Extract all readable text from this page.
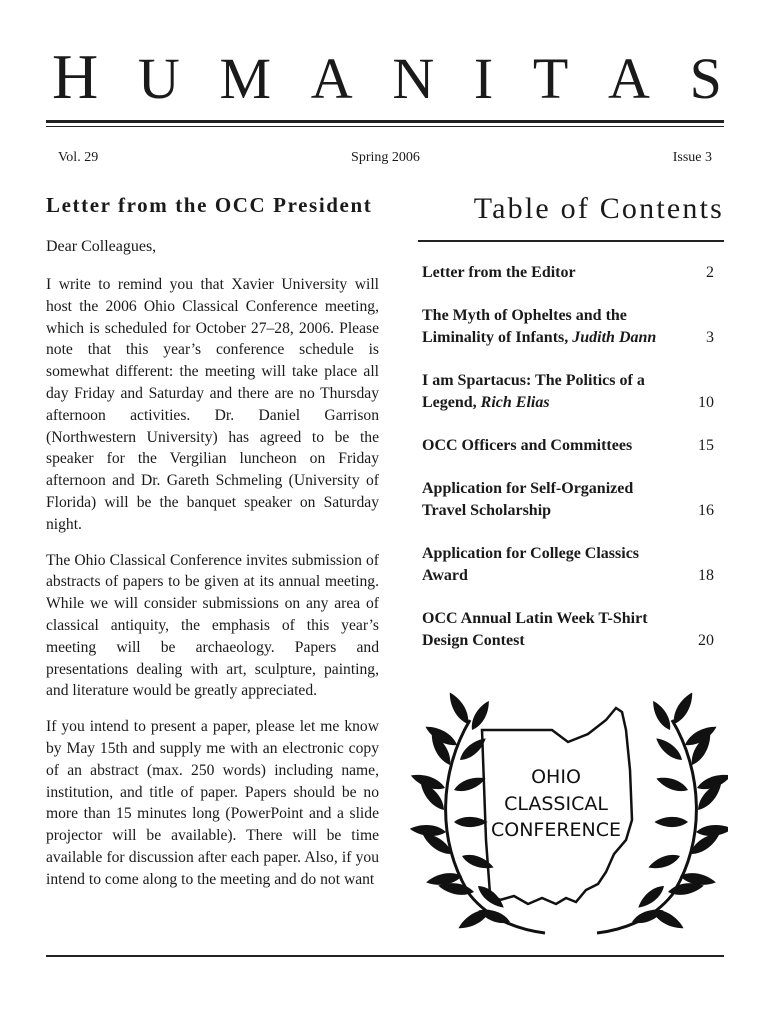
H U M A N I T A S
Vol. 29	Spring 2006	Issue 3
Letter from the OCC President
Dear Colleagues,

I write to remind you that Xavier University will host the 2006 Ohio Classical Conference meeting, which is scheduled for October 27–28, 2006. Please note that this year’s conference schedule is somewhat different: the meeting will take place all day Friday and Saturday and there are no Thursday afternoon activities. Dr. Daniel Garrison (Northwestern University) has agreed to be the speaker for the Vergilian luncheon on Friday afternoon and Dr. Gareth Schmeling (University of Florida) will be the banquet speaker on Saturday night.

The Ohio Classical Conference invites submission of abstracts of papers to be given at its annual meeting. While we will consider submissions on any area of classical antiquity, the emphasis of this year’s meeting will be archaeology. Papers and presentations dealing with art, sculpture, painting, and literature would be greatly appreciated.

If you intend to present a paper, please let me know by May 15th and supply me with an electronic copy of an abstract (max. 250 words) including name, institution, and title of paper. Papers should be no more than 15 minutes long (PowerPoint and a slide projector will be available). There will be time available for discussion after each paper. Also, if you intend to come along to the meeting and do not want

Table of Contents
Letter from the Editor	2
The Myth of Opheltes and the Liminality of Infants, Judith Dann	3
I am Spartacus: The Politics of a Legend, Rich Elias	10
OCC Officers and Committees	15
Application for Self-Organized Travel Scholarship	16
Application for College Classics Award	18
OCC Annual Latin Week T-Shirt Design Contest	20
OHIO
CLASSICAL
CONFERENCE
